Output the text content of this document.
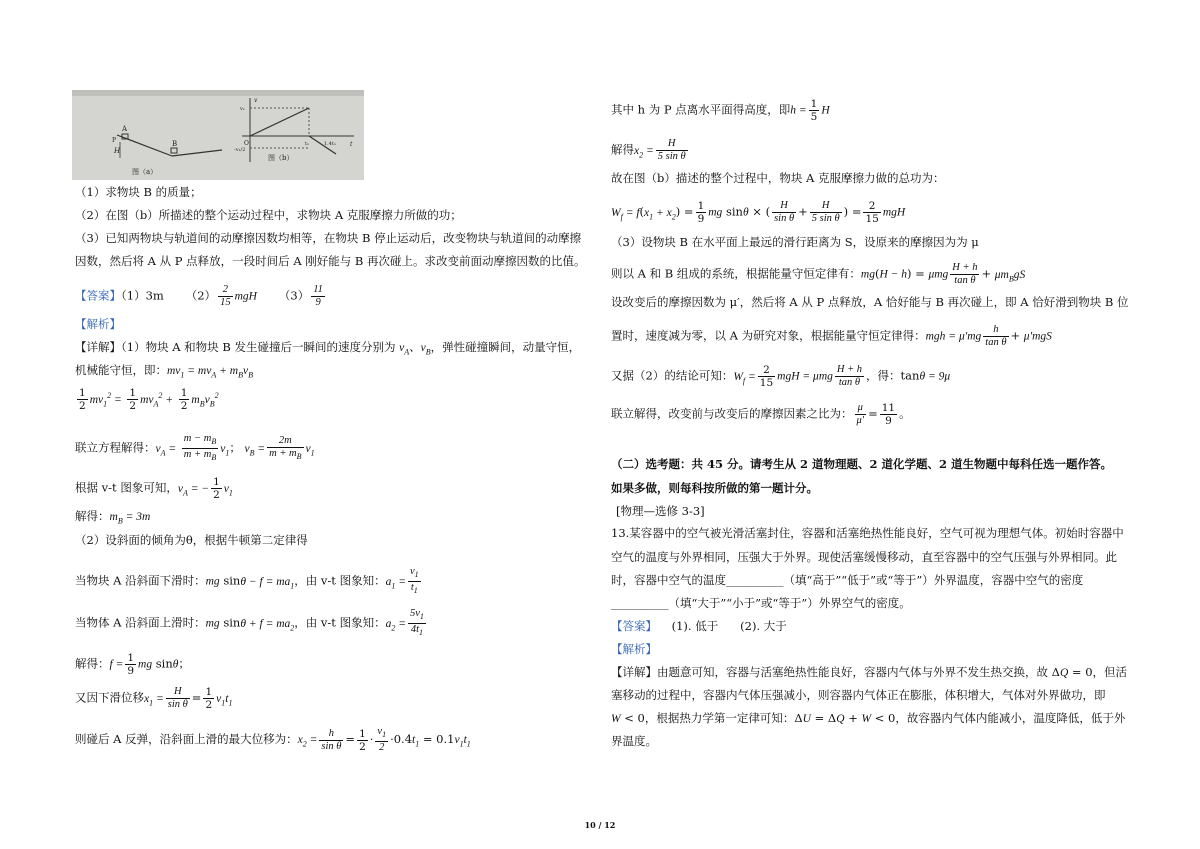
A
B
H
P
图（a）
v
t
O
v₁
-v₁/2
t₁	1.4t₁
图（b）
（1）求物块 B 的质量；
（2）在图（b）所描述的整个运动过程中，求物块 A 克服摩擦力所做的功；
（3）已知两物块与轨道间的动摩擦因数均相等，在物块 B 停止运动后，改变物块与轨道间的动摩擦
因数，然后将 A 从 P 点释放，一段时间后 A 刚好能与 B 再次碰上。求改变前面动摩擦因数的比值。
【答案】（1）3m $(2) \frac{2}{15}$ mgH $(3) \frac{11}{9}$
【解析】
【详解】（1）物块 A 和物块 B 发生碰撞后一瞬间的速度分别为 $v_A$、$v_B$，弹性碰撞瞬间，动量守恒，
机械能守恒，即：$mv_1 = mv_A + m_Bv_B$
$\frac{1}{2} mv_1^2 = \frac{1}{2} mv_A^2 + \frac{1}{2} m_Bv_B^2$
联立方程解得：$v_A = \frac{m - m_B}{m + m_B} v_1$； $v_B = \frac{2m}{m + m_B} v_1$
根据 v-t 图象可知，$v_A$ = − $\frac{1}{2} v_1$
解得：$m_B = 3m$
（2）设斜面的倾角为θ，根据牛顿第二定律得
当物块 A 沿斜面下滑时：mg $\sin\theta - f = ma_1$，由 v-t 图象知：$a_1 = \frac{v_1}{t_1}$
当物体 A 沿斜面上滑时：mg $\sin\theta + f = ma_2$，由 v-t 图象知：$a_2 = \frac{5v_1}{4t_1}$
解得：$f = \frac{1}{9}$ mg sinθ；
又因下滑位移$x_1 = \frac{H}{\text{sin θ}} = \frac{1}{2} v_1t_1$
则碰后 A 反弹，沿斜面上滑的最大位移为：$x_2 = \frac{h}{\text{sin θ}} = \frac{1}{2} \cdot \frac{v_1}{2} \cdot 0.4t_1 = 0.1v_1t_1$
其中 h 为 P 点离水平面得高度，即$h = \frac{1}{5}$ H
解得$x_2 = \frac{H}{\text{5 sin θ}}$
故在图（b）描述的整个过程中，物块 A 克服摩擦力做的总功为：
$W_f = f(x_1 + x_2) = \frac{1}{9}$ mg sinθ × ( $\frac{H}{\text{sin θ}} + \frac{H}{\text{5 sin θ}}$ ) = $\frac{2}{15}$ mgH
（3）设物块 B 在水平面上最远的滑行距离为 S，设原来的摩擦因为为 μ
则以 A 和 B 组成的系统，根据能量守恒定律有：mg(H − h) = μmg $\frac{H + h}{\text{tan θ}} + \mu m_BgS$
设改变后的摩擦因数为 μ′，然后将 A 从 P 点释放，A 恰好能与 B 再次碰上，即 A 恰好滑到物块 B 位
置时，速度减为零，以 A 为研究对象，根据能量守恒定律得：mgh = $\mu'mg \frac{h}{\text{tan θ}} + \mu'mgS$
又据（2）的结论可知：$W_f = \frac{2}{15}$ mgH = μmg $\frac{H + h}{\text{tan θ}}$ ，得：tanθ = 9μ
联立解得，改变前与改变后的摩擦因素之比为： $\frac{\mu}{\mu'} = \frac{11}{9}$ 。
（二）选考题：共 45 分。请考生从 2 道物理题、2 道化学题、2 道生物题中每科任选一题作答。
如果多做，则每科按所做的第一题计分。
[物理—选修 3-3]
13.某容器中的空气被光滑活塞封住，容器和活塞绝热性能良好，空气可视为理想气体。初始时容器中
空气的温度与外界相同，压强大于外界。现使活塞缓慢移动，直至容器中的空气压强与外界相同。此
时，容器中空气的温度__________（填“高于”“低于”或“等于”）外界温度，容器中空气的密度
__________（填“大于”“小于”或“等于”）外界空气的密度。
【答案】 (1). 低于      (2). 大于
【解析】
【详解】由题意可知，容器与活塞绝热性能良好，容器内气体与外界不发生热交换，故 ΔQ = 0，但活
塞移动的过程中，容器内气体压强减小，则容器内气体正在膨胀，体积增大，气体对外界做功，即
W < 0，根据热力学第一定律可知：ΔU = ΔQ + W < 0，故容器内气体内能减小，温度降低，低于外
界温度。
10 / 12
